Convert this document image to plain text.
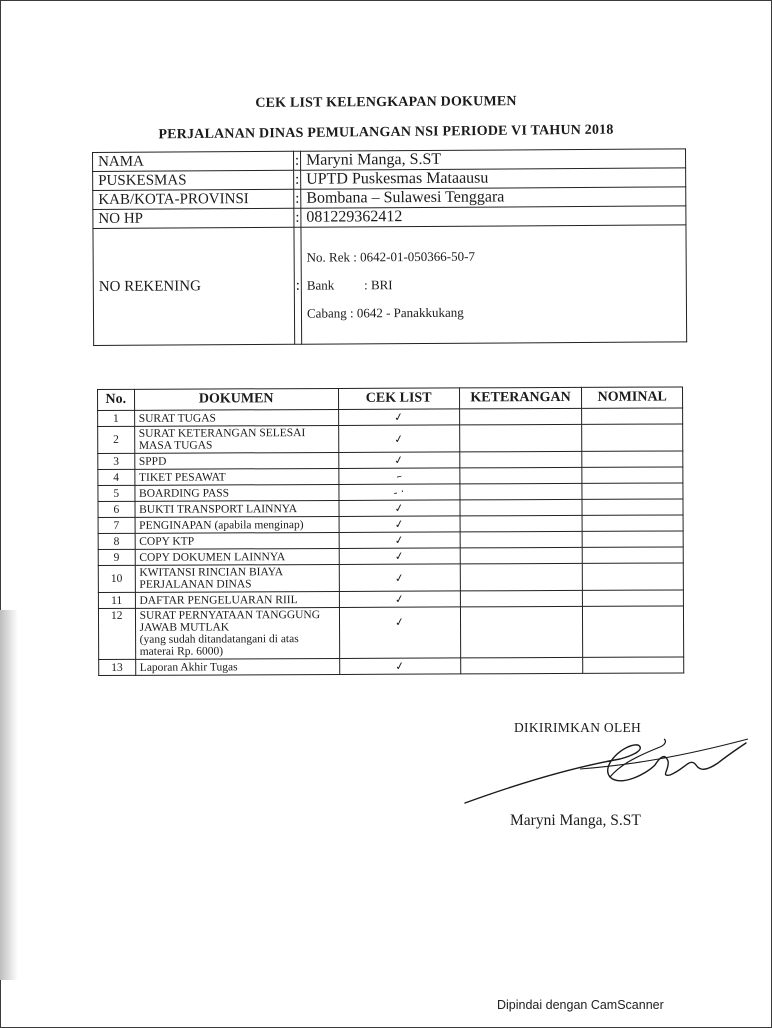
CEK LIST KELENGKAPAN DOKUMEN
PERJALANAN DINAS PEMULANGAN NSI PERIODE VI TAHUN 2018
NAMA	:	Maryni Manga, S.ST
PUSKESMAS	:	UPTD Puskesmas Mataausu
KAB/KOTA-PROVINSI	:	Bombana – Sulawesi Tenggara
NO HP	:	081229362412
NO REKENING	:	No. Rek : 0642-01-050366-50-7
Bank : BRI
Cabang : 0642 - Panakkukang
No.	DOKUMEN	CEK LIST	KETERANGAN	NOMINAL
1	SURAT TUGAS	✓		
2	SURAT KETERANGAN SELESAI MASA TUGAS	✓		
3	SPPD	✓		
4	TIKET PESAWAT	–		
5	BOARDING PASS	- ·		
6	BUKTI TRANSPORT LAINNYA	✓		
7	PENGINAPAN (apabila menginap)	✓		
8	COPY KTP	✓		
9	COPY DOKUMEN LAINNYA	✓		
10	KWITANSI RINCIAN BIAYA PERJALANAN DINAS	✓		
11	DAFTAR PENGELUARAN RIIL	✓		
12	SURAT PERNYATAAN TANGGUNG JAWAB MUTLAK
(yang sudah ditandatangani di atas materai Rp. 6000)	✓		
13	Laporan Akhir Tugas	✓		
DIKIRIMKAN OLEH
Maryni Manga, S.ST
Dipindai dengan CamScanner
